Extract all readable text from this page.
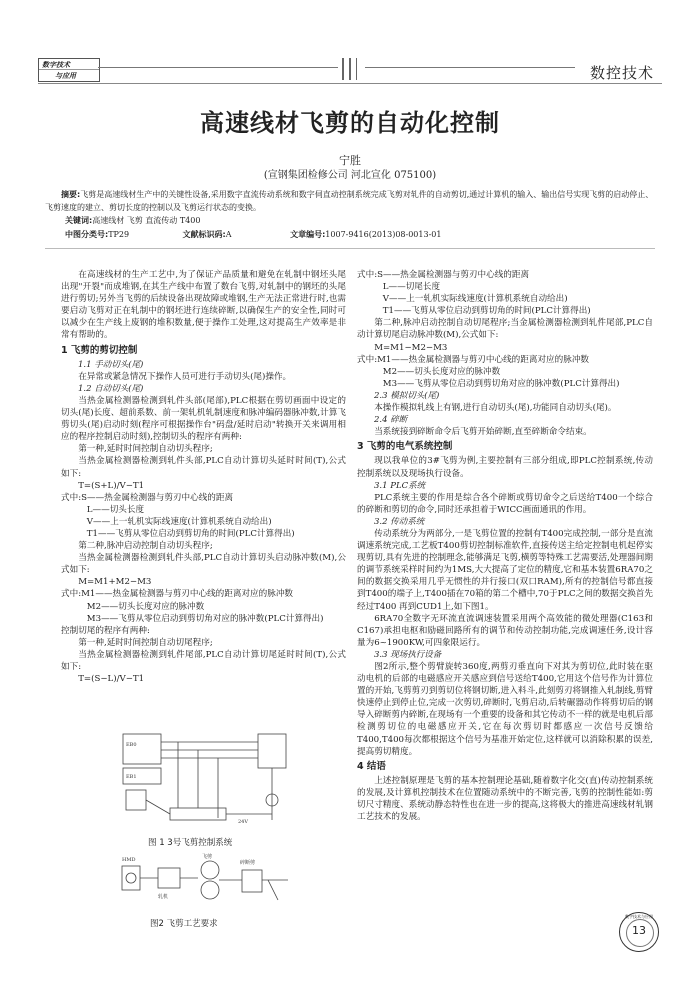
数字技术
与应用	数控技术
高速线材飞剪的自动化控制
宁胜
(宣钢集团检修公司 河北宣化 075100)
摘要:飞剪是高速线材生产中的关键性设备,采用数字直流传动系统和数字伺直动控制系统完成飞剪对轧件的自动剪切,通过计算机的输入、输出信号实现飞剪的启动停止、飞剪速度的建立、剪切长度的控制以及飞剪运行状态的变换。
关键词:高速线材 飞剪 直流传动 T400
中图分类号:TP29	文献标识码:A	文章编号:1007-9416(2013)08-0013-01

在高速线材的生产工艺中,为了保证产品质量和避免在轧制中钢坯头尾出现"开裂"而成堆钢,在其生产线中布置了数台飞剪,对轧制中的钢坯的头尾进行剪切;另外当飞剪的后续设备出现故障或堆钢,生产无法正常进行时,也需要启动飞剪对正在轧制中的钢坯进行连续碎断,以确保生产的安全性,同时可以减少在生产线上废钢的堆积数量,便于操作工处理,这对提高生产效率是非常有帮助的。

1 飞剪的剪切控制
1.1 手动切头(尾)

在异常或紧急情况下操作人员可进行手动切头(尾)操作。

1.2 自动切头(尾)

当热金属检测器检测到轧件头部(尾部),PLC根据在剪切画面中设定的切头(尾)长度、超前系数、前一架轧机轧制速度和脉冲编码器脉冲数,计算飞剪切头(尾)启动时刻(程序可根据操作台"码盘/延时启动"转换开关来调用相应的程序控制启动时刻),控制切头的程序有两种:

第一种,延时时间控制自动切头程序;

当热金属检测器检测到轧件头部,PLC自动计算切头延时时间(T),公式如下:

T=(S+L)/V−T1

式中:S——热金属检测器与剪刃中心线的距离

L——切头长度

V——上一轧机实际线速度(计算机系统自动给出)

T1——飞剪从零位启动到剪切角的时间(PLC计算得出)

第二种,脉冲启动控制自动切头程序;

当热金属检测器检测到轧件头部,PLC自动计算切头启动脉冲数(M),公式如下:

M=M1+M2−M3

式中:M1——热金属检测器与剪刃中心线的距离对应的脉冲数

M2——切头长度对应的脉冲数

M3——飞剪从零位启动到剪切角对应的脉冲数(PLC计算得出)

控制切尾的程序有两种:

第一种,延时时间控制自动切尾程序;

当热金属检测器检测到轧件尾部,PLC自动计算切尾延时时间(T),公式如下:

T=(S−L)/V−T1

EB0
EB1
24V
图 1 3号飞剪控制系统
HMD	飞剪
碎断剪
轧机
图2 飞剪工艺要求

式中:S——热金属检测器与剪刃中心线的距离

L——切尾长度

V——上一轧机实际线速度(计算机系统自动给出)

T1——飞剪从零位启动到剪切角的时间(PLC计算得出)

第二种,脉冲启动控制自动切尾程序;当金属检测器检测到轧件尾部,PLC自动计算切尾启动脉冲数(M),公式如下:

M=M1−M2−M3

式中:M1——热金属检测器与剪刃中心线的距离对应的脉冲数

M2——切头长度对应的脉冲数

M3——飞剪从零位启动到剪切角对应的脉冲数(PLC计算得出)

2.3 模拟切头(尾)

本操作模拟轧线上有钢,进行自动切头(尾),功能同自动切头(尾)。

2.4 碎断

当系统接到碎断命令后飞剪开始碎断,直至碎断命令结束。

3 飞剪的电气系统控制

现以我单位的3#飞剪为例,主要控制有三部分组成,即PLC控制系统,传动控制系统以及现场执行设备。

3.1 PLC系统

PLC系统主要的作用是综合各个碎断或剪切命令之后送给T400一个综合的碎断和剪切的命令,同时还承担着于WICC画面通讯的作用。

3.2 传动系统

传动系统分为两部分,一是飞剪位置的控制有T400完成控制,一部分是直流调速系统完成,工艺板T400剪切控制标准软件,直接传送主给定控制电机起停实现剪切,具有先进的控制理念,能够满足飞剪,横剪等特殊工艺需要活,处理器间期的调节系统采样时间约为1MS,大大提高了定位的精度,它和基本装置6RA70之间的数据交换采用几乎无惯性的并行接口(双口RAM),所有的控制信号都直接到T400的端子上,T400插在70箱的第二个槽中,70于PLC之间的数据交换首先经过T400 再到CUD1上,如下图1。

6RA70全数字无环流直流调速装置采用两个高效能的微处理器(C163和C167)承担电枢和励磁回路所有的调节和传动控制功能,完成调速任务,设计容量为6~1900KW,可四象限运行。

3.3 现场执行设备

图2所示,整个剪臂旋转360度,两剪刃垂直向下对其为剪切位,此时装在驱动电机的后部的电磁感应开关感应到信号送给T400,它用这个信号作为计算位置的开始,飞剪剪刃到剪切位将钢切断,进入料斗,此刻剪刃将钢推入轧制线,剪臂快速停止到停止位,完成一次剪切,碎断时,飞剪启动,后转碾器动作将剪切后的钢导入碎断剪内碎断,在现场有一个重要的设备和其它传动不一样的就是电机后部检测剪切位的电磁感应开关,它在每次剪切时都感应一次信号反馈给T400,T400每次都根据这个信号为基准开始定位,这样就可以消除积累的误差,提高剪切精度。

4 结语

上述控制原理是飞剪的基本控制理论基础,随着数字化交(直)传动控制系统的发展,及计算机控制技术在位置随动系统中的不断完善,飞剪的控制性能如:剪切尺寸精度、系统动静态特性也在进一步的提高,这将极大的推进高速线材轧钢工艺技术的发展。

数字技术与应用
13
